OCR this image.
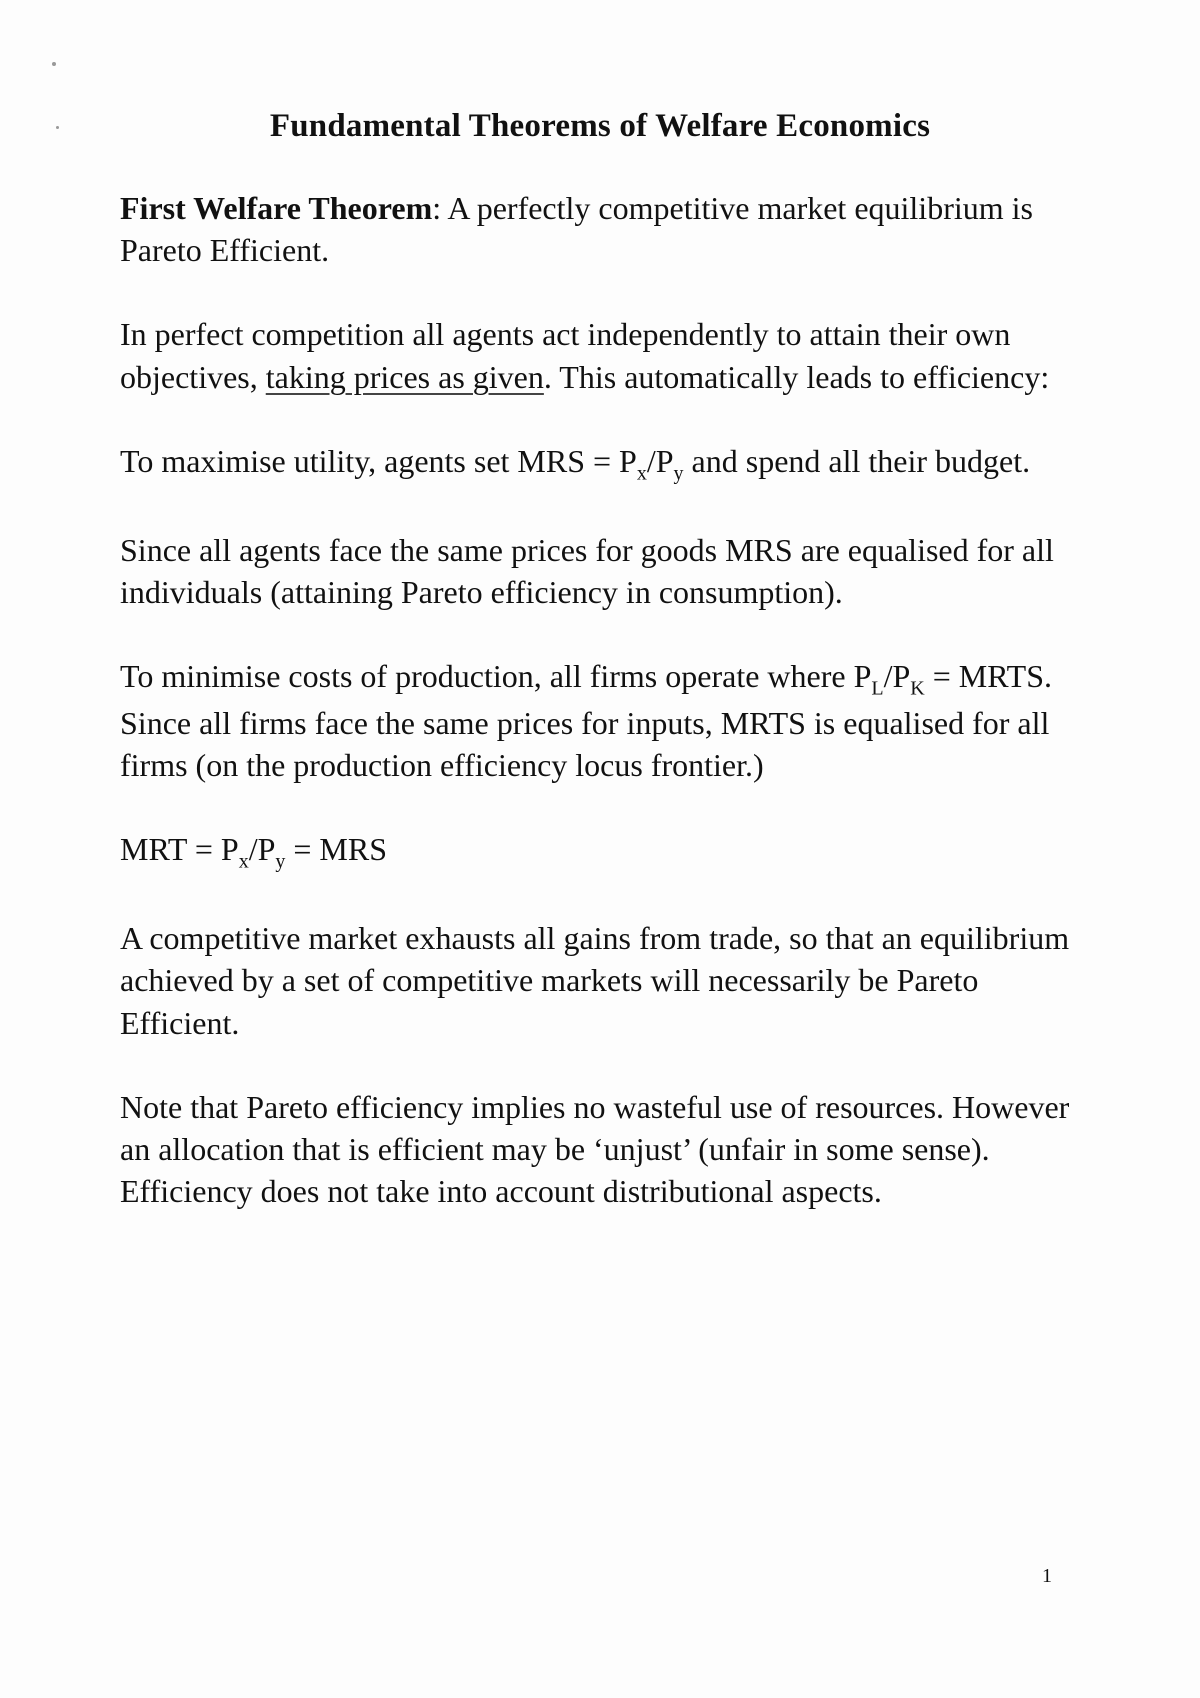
Fundamental Theorems of Welfare Economics

First Welfare Theorem: A perfectly competitive market equilibrium is Pareto Efficient.

In perfect competition all agents act independently to attain their own objectives, taking prices as given. This automatically leads to efficiency:

To maximise utility, agents set MRS = $P_x/P_y$ and spend all their budget.

Since all agents face the same prices for goods MRS are equalised for all individuals (attaining Pareto efficiency in consumption).

To minimise costs of production, all firms operate where $P_L/P_K$ = MRTS. Since all firms face the same prices for inputs, MRTS is equalised for all firms (on the production efficiency locus frontier.)

MRT = $P_x/P_y$ = MRS

A competitive market exhausts all gains from trade, so that an equilibrium achieved by a set of competitive markets will necessarily be Pareto Efficient.

Note that Pareto efficiency implies no wasteful use of resources. However an allocation that is efficient may be ‘unjust’ (unfair in some sense). Efficiency does not take into account distributional aspects.

1
